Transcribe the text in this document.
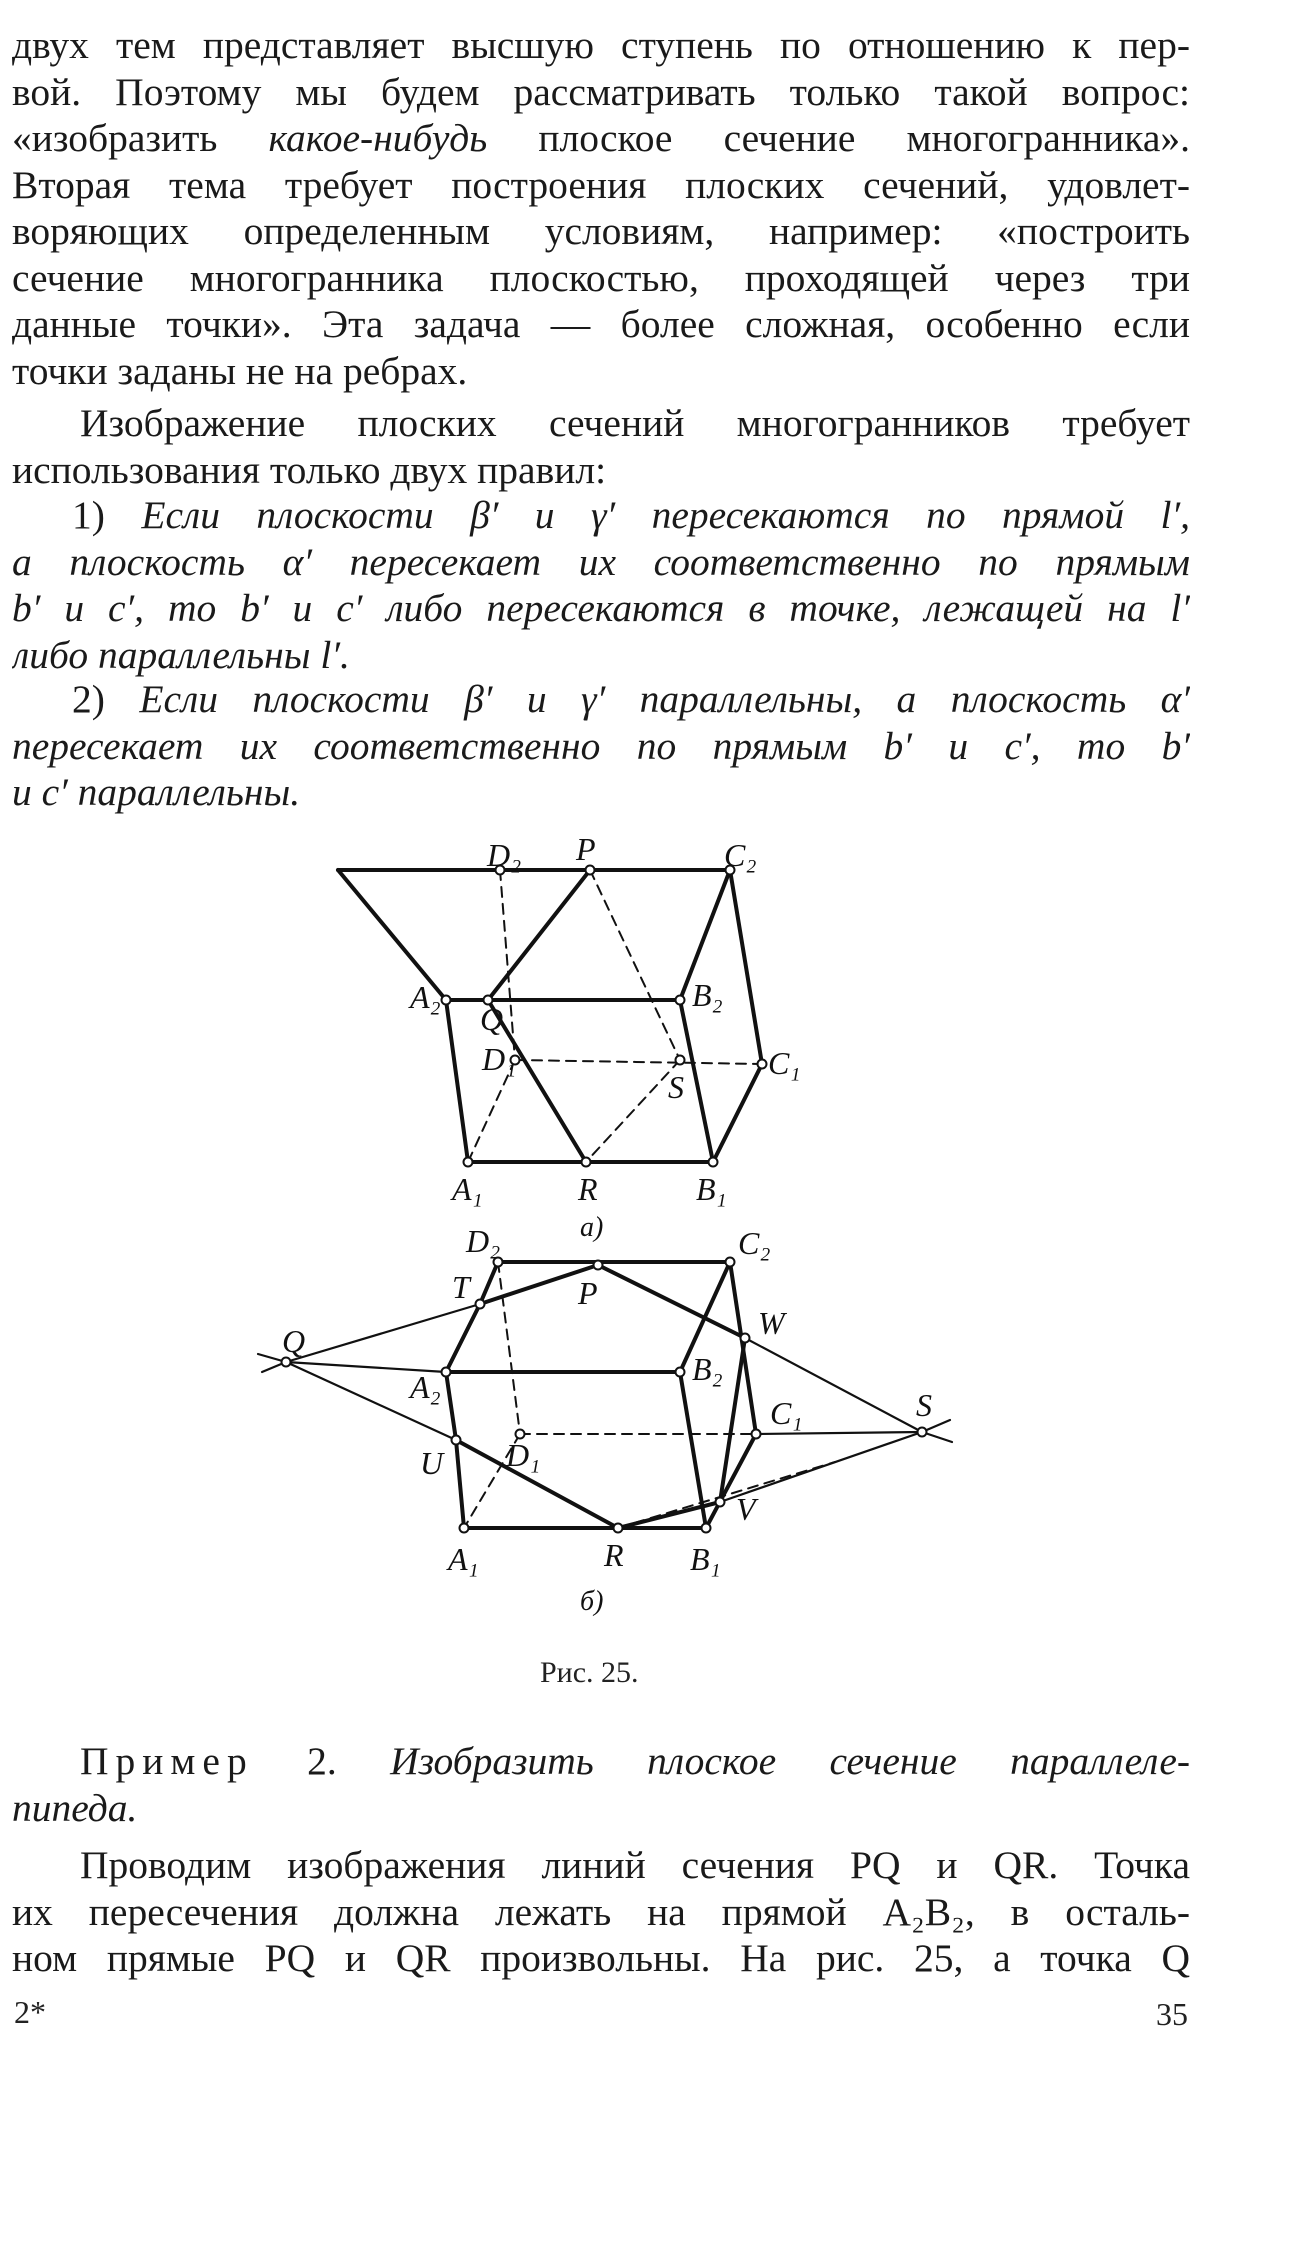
двух тем представляет высшую ступень по отношению к пер-
вой. Поэтому мы будем рассматривать только такой вопрос:
«изобразить какое-нибудь плоское сечение многогранника».
Вторая тема требует построения плоских сечений, удовлет-
воряющих определенным условиям, например: «построить
сечение многогранника плоскостью, проходящей через три
данные точки». Эта задача — более сложная, особенно если
точки заданы не на ребрах.
Изображение плоских сечений многогранников требует
использования только двух правил:
1) Если плоскости β′ и γ′ пересекаются по прямой l′,
а плоскость α′ пересекает их соответственно по прямым
b′ и c′, то b′ и c′ либо пересекаются в точке, лежащей на l′
либо параллельны l′.
2) Если плоскости β′ и γ′ параллельны, а плоскость α′
пересекает их соответственно по прямым b′ и c′, то b′
и c′ параллельны.
D₂ P	C₂
A₂
Q
B₂
D₁
S
C₁
A₁	R	B₁
а)
D₂	C₂
T	P
W
Q
A₂	B₂
C₁	S
D₁
U
V
A₁	R B₁
б)
Рис. 25.
Пример 2. Изобразить плоское сечение параллеле-
пипеда.
Проводим изображения линий сечения PQ и QR. Точка
их пересечения должна лежать на прямой A₂B₂, в осталь-
ном прямые PQ и QR произвольны. На рис. 25, а точка Q
2*	35
